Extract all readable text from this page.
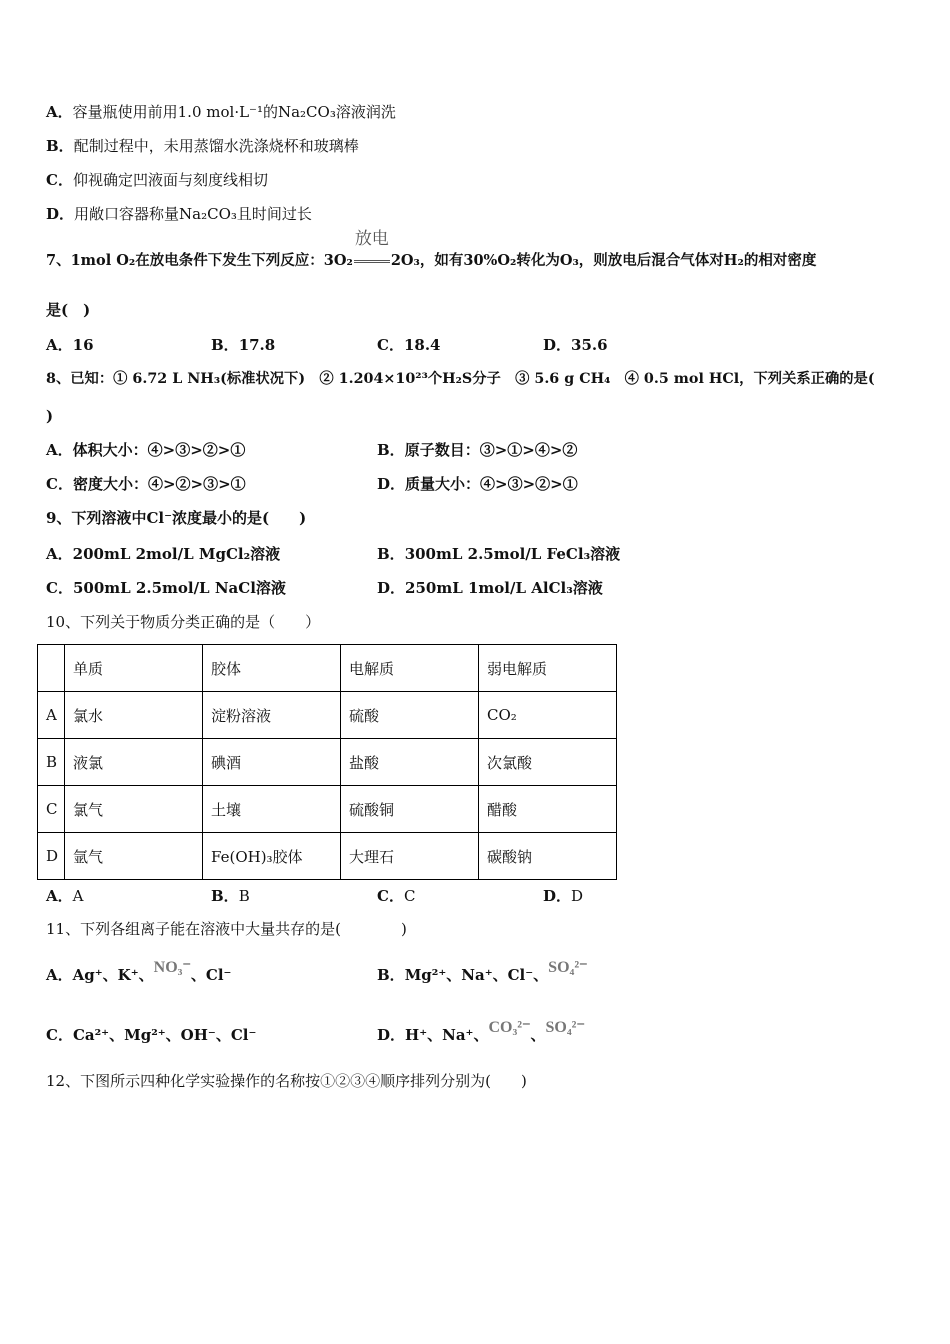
A．容量瓶使用前用1.0 mol·L⁻¹的Na₂CO₃溶液润洗
B．配制过程中，未用蒸馏水洗涤烧杯和玻璃棒
C．仰视确定凹液面与刻度线相切
D．用敞口容器称量Na₂CO₃且时间过长
7、1mol O₂在放电条件下发生下列反应：3O₂
放电
2O₃，如有30%O₂转化为O₃，则放电后混合气体对H₂的相对密度
是(　)
A．16	B．17.8	C．18.4	D．35.6
8、已知：① 6.72 L NH₃(标准状况下)　② 1.204×10²³个H₂S分子　③ 5.6 g CH₄　④ 0.5 mol HCl，下列关系正确的是(
)
A．体积大小：④>③>②>①	B．原子数目：③>①>④>②
C．密度大小：④>②>③>①	D．质量大小：④>③>②>①
9、下列溶液中Cl⁻浓度最小的是(　　)
A．200mL 2mol/L MgCl₂溶液	B．300mL 2.5mol/L FeCl₃溶液
C．500mL 2.5mol/L NaCl溶液	D．250mL 1mol/L AlCl₃溶液
10、下列关于物质分类正确的是（　　）
	单质	胶体	电解质	弱电解质
A	氯水	淀粉溶液	硫酸	CO₂
B	液氯	碘酒	盐酸	次氯酸
C	氯气	土壤	硫酸铜	醋酸
D	氩气	Fe(OH)₃胶体	大理石	碳酸钠
A．A	B．B	C．C	D．D
11、下列各组离子能在溶液中大量共存的是(　　　　)
A．Ag⁺、K⁺、NO₃⁻、Cl⁻	B．Mg²⁺、Na⁺、Cl⁻、SO₄²⁻
C．Ca²⁺、Mg²⁺、OH⁻、Cl⁻	D．H⁺、Na⁺、CO₃²⁻、SO₄²⁻
12、下图所示四种化学实验操作的名称按①②③④顺序排列分别为(　　)
